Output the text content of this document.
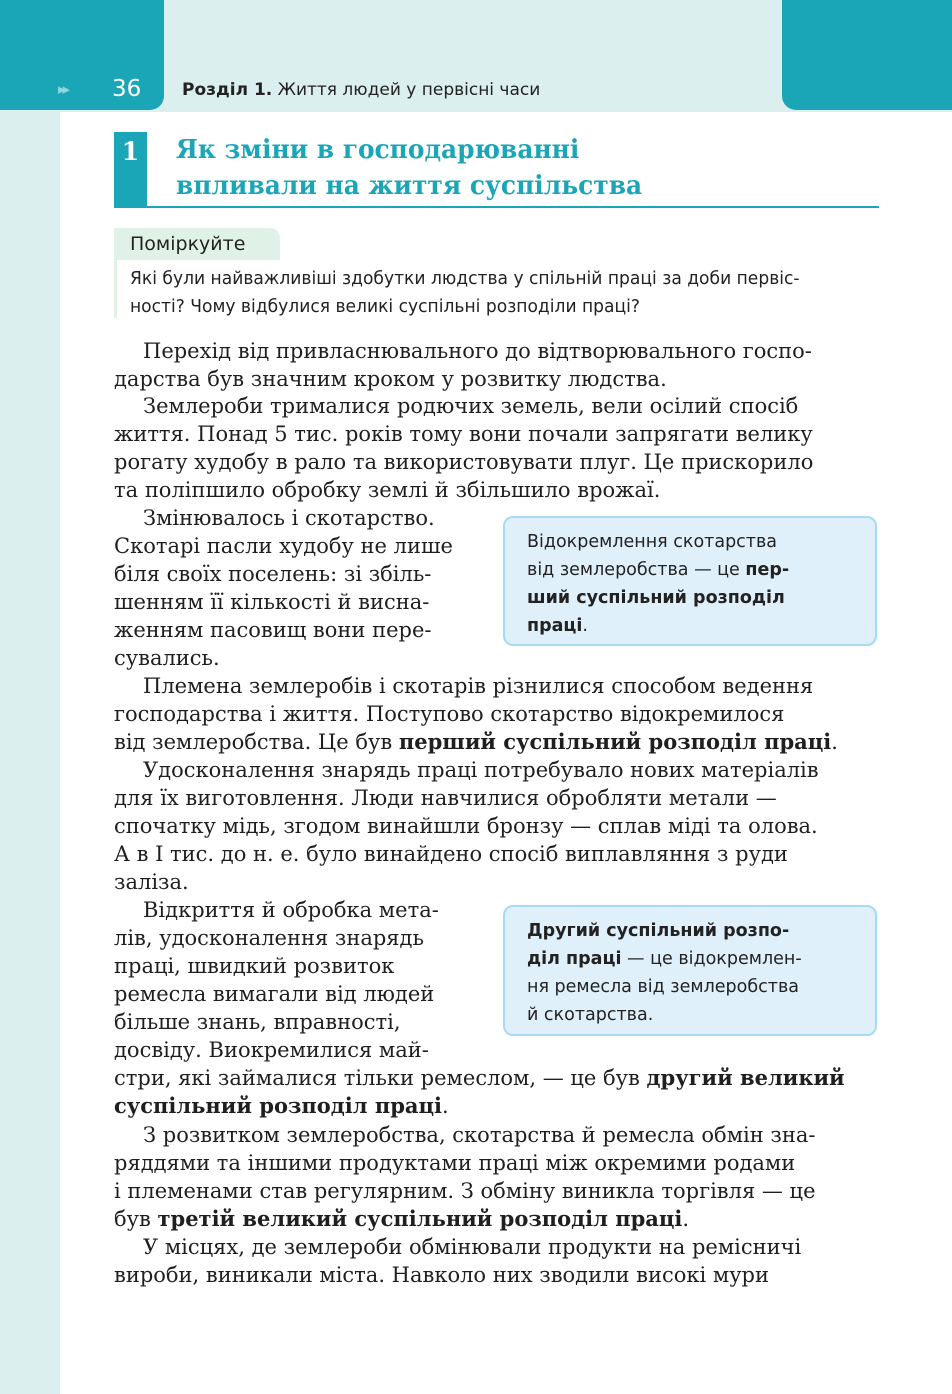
▸▸ 36 Розділ 1. Життя людей у первісні часи
1 Як зміни в господарюванні
впливали на життя суспільства
Поміркуйте
Які були найважливіші здобутки людства у спільній праці за доби первіс-
ності? Чому відбулися великі суспільні розподіли праці?
Перехід від привласнювального до відтворювального госпо-
дарства був значним кроком у розвитку людства.
Землероби трималися родючих земель, вели осілий спосіб
життя. Понад 5 тис. років тому вони почали запрягати велику
рогату худобу в рало та використовувати плуг. Це прискорило
та поліпшило обробку землі й збільшило врожаї.
Змінювалось і скотарство.
Скотарі пасли худобу не лише
біля своїх поселень: зі збіль-
шенням її кількості й висна-
женням пасовищ вони пере-
сувались.
Відокремлення скотарства
від землеробства — це пер-
ший суспільний розподіл
праці.
Племена землеробів і скотарів різнилися способом ведення
господарства і життя. Поступово скотарство відокремилося
від землеробства. Це був перший суспільний розподіл праці.
Удосконалення знарядь праці потребувало нових матеріалів
для їх виготовлення. Люди навчилися обробляти метали —
спочатку мідь, згодом винайшли бронзу — сплав міді та олова.
А в І тис. до н. е. було винайдено спосіб виплавляння з руди
заліза.
Відкриття й обробка мета-
лів, удосконалення знарядь
праці, швидкий розвиток
ремесла вимагали від людей
більше знань, вправності,
досвіду. Виокремилися май-
стри, які займалися тільки ремеслом, — це був другий великий
суспільний розподіл праці.
Другий суспільний розпо-
діл праці — це відокремлен-
ня ремесла від землеробства
й скотарства.
З розвитком землеробства, скотарства й ремесла обмін зна-
ряддями та іншими продуктами праці між окремими родами
і племенами став регулярним. З обміну виникла торгівля — це
був третій великий суспільний розподіл праці.
У місцях, де землероби обмінювали продукти на ремісничі
вироби, виникали міста. Навколо них зводили високі мури
